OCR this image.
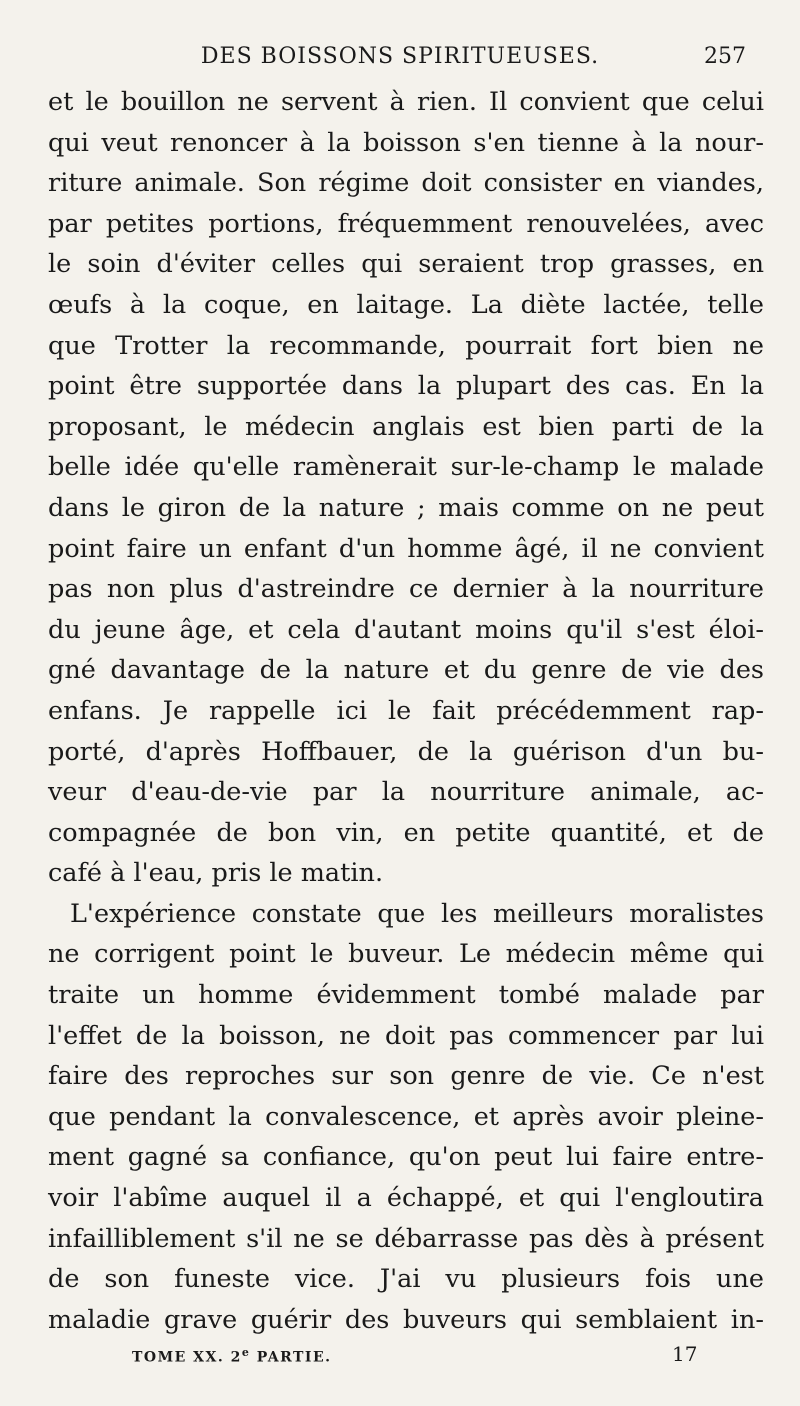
DES BOISSONS SPIRITUEUSES.	257
et le bouillon ne servent à rien. Il convient que celui
qui veut renoncer à la boisson s'en tienne à la nour-
riture animale. Son régime doit consister en viandes,
par petites portions, fréquemment renouvelées, avec
le soin d'éviter celles qui seraient trop grasses, en
œufs à la coque, en laitage. La diète lactée, telle
que Trotter la recommande, pourrait fort bien ne
point être supportée dans la plupart des cas. En la
proposant, le médecin anglais est bien parti de la
belle idée qu'elle ramènerait sur-le-champ le malade
dans le giron de la nature ; mais comme on ne peut
point faire un enfant d'un homme âgé, il ne convient
pas non plus d'astreindre ce dernier à la nourriture
du jeune âge, et cela d'autant moins qu'il s'est éloi-
gné davantage de la nature et du genre de vie des
enfans. Je rappelle ici le fait précédemment rap-
porté, d'après Hoffbauer, de la guérison d'un bu-
veur d'eau-de-vie par la nourriture animale, ac-
compagnée de bon vin, en petite quantité, et de
café à l'eau, pris le matin.
L'expérience constate que les meilleurs moralistes
ne corrigent point le buveur. Le médecin même qui
traite un homme évidemment tombé malade par
l'effet de la boisson, ne doit pas commencer par lui
faire des reproches sur son genre de vie. Ce n'est
que pendant la convalescence, et après avoir pleine-
ment gagné sa confiance, qu'on peut lui faire entre-
voir l'abîme auquel il a échappé, et qui l'engloutira
infailliblement s'il ne se débarrasse pas dès à présent
de son funeste vice. J'ai vu plusieurs fois une
maladie grave guérir des buveurs qui semblaient in-
TOME XX. 2e PARTIE.	17
